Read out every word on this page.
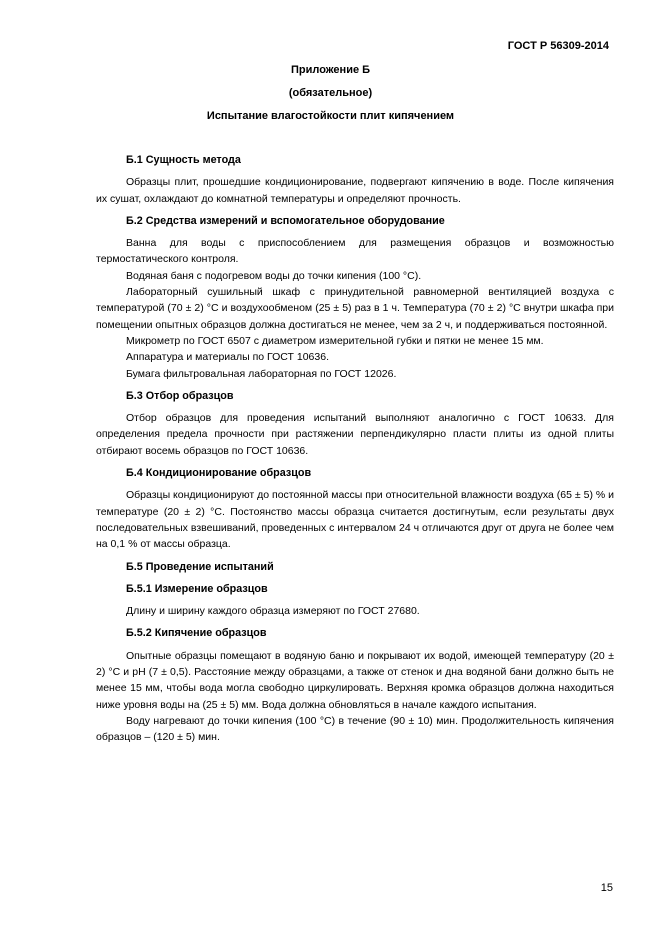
ГОСТ Р 56309-2014
Приложение Б
(обязательное)
Испытание влагостойкости плит кипячением
Б.1 Сущность метода

Образцы плит, прошедшие кондиционирование, подвергают кипячению в воде. После кипячения их сушат, охлаждают до комнатной температуры и определяют прочность.

Б.2 Средства измерений и вспомогательное оборудование

Ванна для воды с приспособлением для размещения образцов и возможностью термостатического контроля.

Водяная баня с подогревом воды до точки кипения (100 °С).

Лабораторный сушильный шкаф с принудительной равномерной вентиляцией воздуха с температурой (70 ± 2) °С и воздухообменом (25 ± 5) раз в 1 ч. Температура (70 ± 2) °С внутри шкафа при помещении опытных образцов должна достигаться не менее, чем за 2 ч, и поддерживаться постоянной.

Микрометр по ГОСТ 6507 с диаметром измерительной губки и пятки не менее 15 мм.

Аппаратура и материалы по ГОСТ 10636.

Бумага фильтровальная лабораторная по ГОСТ 12026.

Б.3 Отбор образцов

Отбор образцов для проведения испытаний выполняют аналогично с ГОСТ 10633. Для определения предела прочности при растяжении перпендикулярно пласти плиты из одной плиты отбирают восемь образцов по ГОСТ 10636.

Б.4 Кондиционирование образцов

Образцы кондиционируют до постоянной массы при относительной влажности воздуха (65 ± 5) % и температуре (20 ± 2) °С. Постоянство массы образца считается достигнутым, если результаты двух последовательных взвешиваний, проведенных с интервалом 24 ч отличаются друг от друга не более чем на 0,1 % от массы образца.

Б.5 Проведение испытаний
Б.5.1 Измерение образцов

Длину и ширину каждого образца измеряют по ГОСТ 27680.

Б.5.2 Кипячение образцов

Опытные образцы помещают в водяную баню и покрывают их водой, имеющей температуру (20 ± 2) °С и pH (7 ± 0,5). Расстояние между образцами, а также от стенок и дна водяной бани должно быть не менее 15 мм, чтобы вода могла свободно циркулировать. Верхняя кромка образцов должна находиться ниже уровня воды на (25 ± 5) мм. Вода должна обновляться в начале каждого испытания.

Воду нагревают до точки кипения (100 °С) в течение (90 ± 10) мин. Продолжительность кипячения образцов – (120 ± 5) мин.

15
